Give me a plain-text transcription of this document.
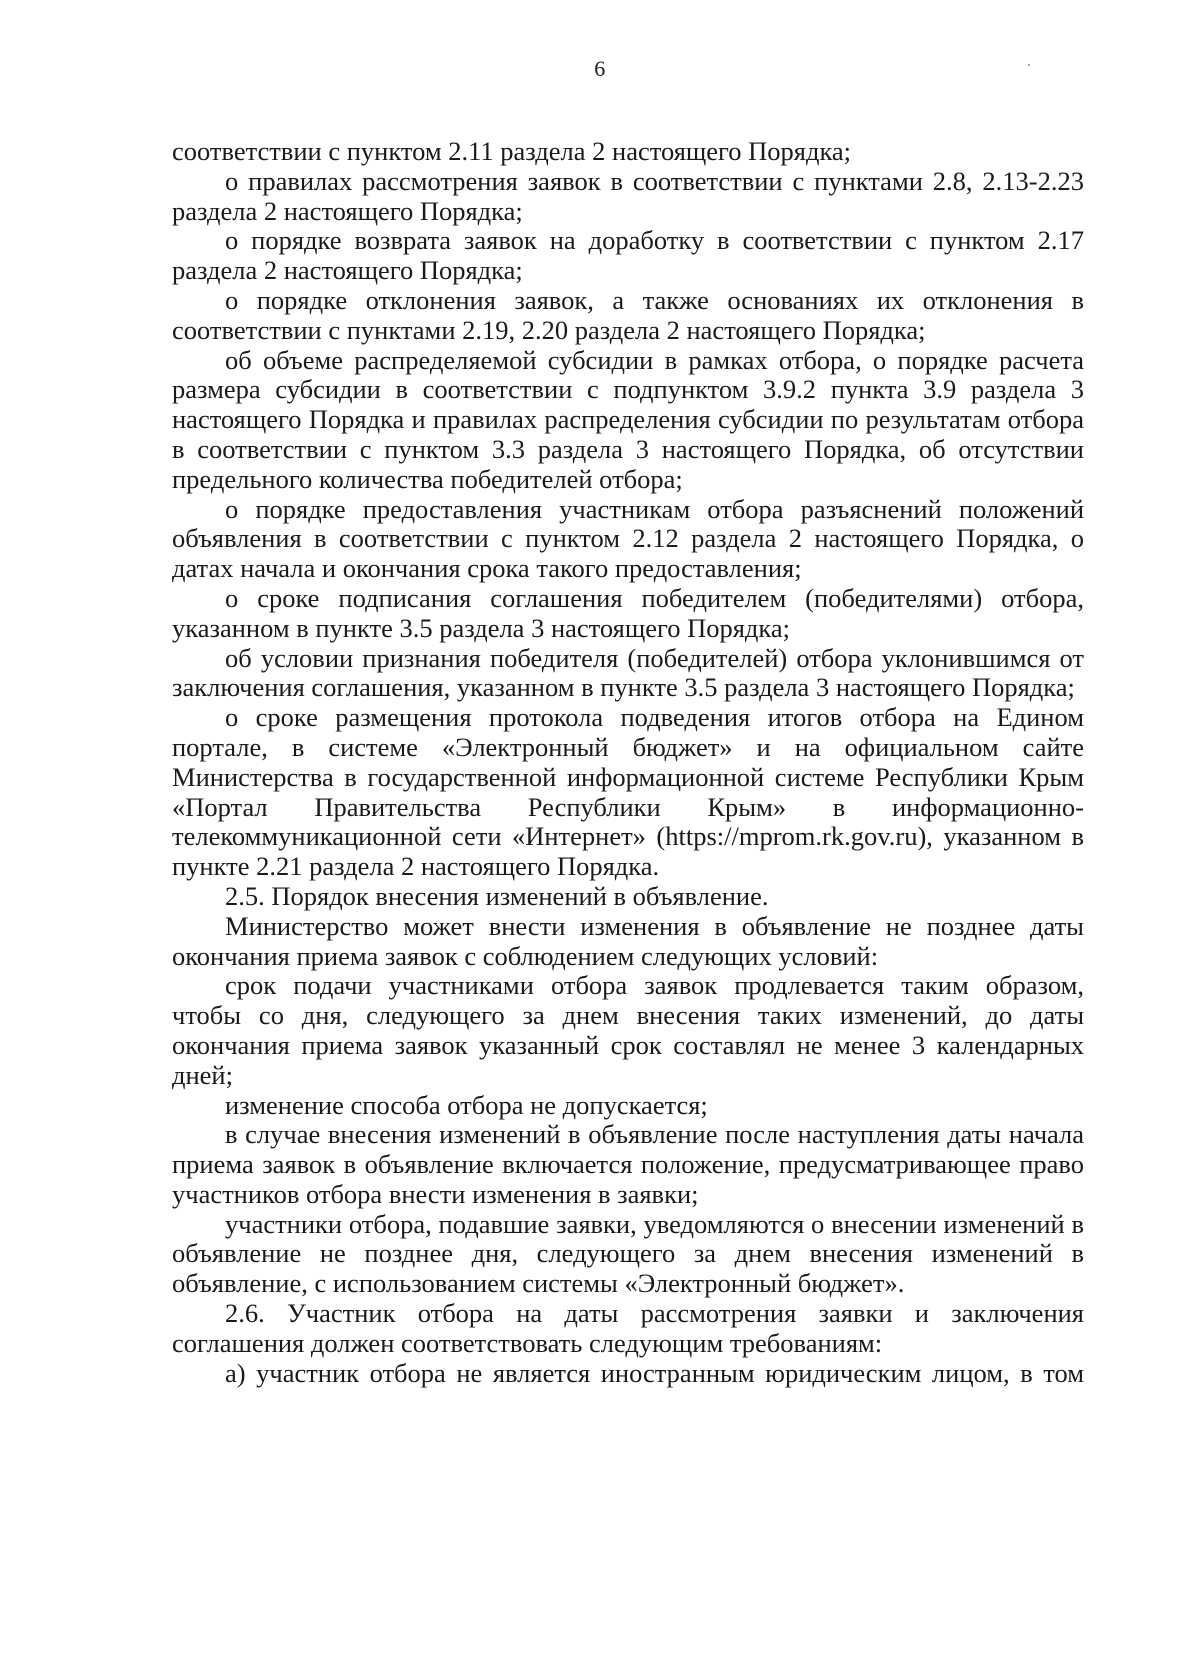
6

соответствии с пунктом 2.11 раздела 2 настоящего Порядка;

о правилах рассмотрения заявок в соответствии с пунктами 2.8, 2.13-2.23 раздела 2 настоящего Порядка;

о порядке возврата заявок на доработку в соответствии с пунктом 2.17 раздела 2 настоящего Порядка;

о порядке отклонения заявок, а также основаниях их отклонения в соответствии с пунктами 2.19, 2.20 раздела 2 настоящего Порядка;

об объеме распределяемой субсидии в рамках отбора, о порядке расчета размера субсидии в соответствии с подпунктом 3.9.2 пункта 3.9 раздела 3 настоящего Порядка и правилах распределения субсидии по результатам отбора в соответствии с пунктом 3.3 раздела 3 настоящего Порядка, об отсутствии предельного количества победителей отбора;

о порядке предоставления участникам отбора разъяснений положений объявления в соответствии с пунктом 2.12 раздела 2 настоящего Порядка, о датах начала и окончания срока такого предоставления;

о сроке подписания соглашения победителем (победителями) отбора, указанном в пункте 3.5 раздела 3 настоящего Порядка;

об условии признания победителя (победителей) отбора уклонившимся от заключения соглашения, указанном в пункте 3.5 раздела 3 настоящего Порядка;

о сроке размещения протокола подведения итогов отбора на Едином портале, в системе «Электронный бюджет» и на официальном сайте Министерства в государственной информационной системе Республики Крым «Портал Правительства Республики Крым» в информационно-телекоммуникационной сети «Интернет» (https://mprom.rk.gov.ru), указанном в пункте 2.21 раздела 2 настоящего Порядка.

2.5. Порядок внесения изменений в объявление.

Министерство может внести изменения в объявление не позднее даты окончания приема заявок с соблюдением следующих условий:

срок подачи участниками отбора заявок продлевается таким образом, чтобы со дня, следующего за днем внесения таких изменений, до даты окончания приема заявок указанный срок составлял не менее 3 календарных дней;

изменение способа отбора не допускается;

в случае внесения изменений в объявление после наступления даты начала приема заявок в объявление включается положение, предусматривающее право участников отбора внести изменения в заявки;

участники отбора, подавшие заявки, уведомляются о внесении изменений в объявление не позднее дня, следующего за днем внесения изменений в объявление, с использованием системы «Электронный бюджет».

2.6. Участник отбора на даты рассмотрения заявки и заключения соглашения должен соответствовать следующим требованиям:

а) участник отбора не является иностранным юридическим лицом, в том
